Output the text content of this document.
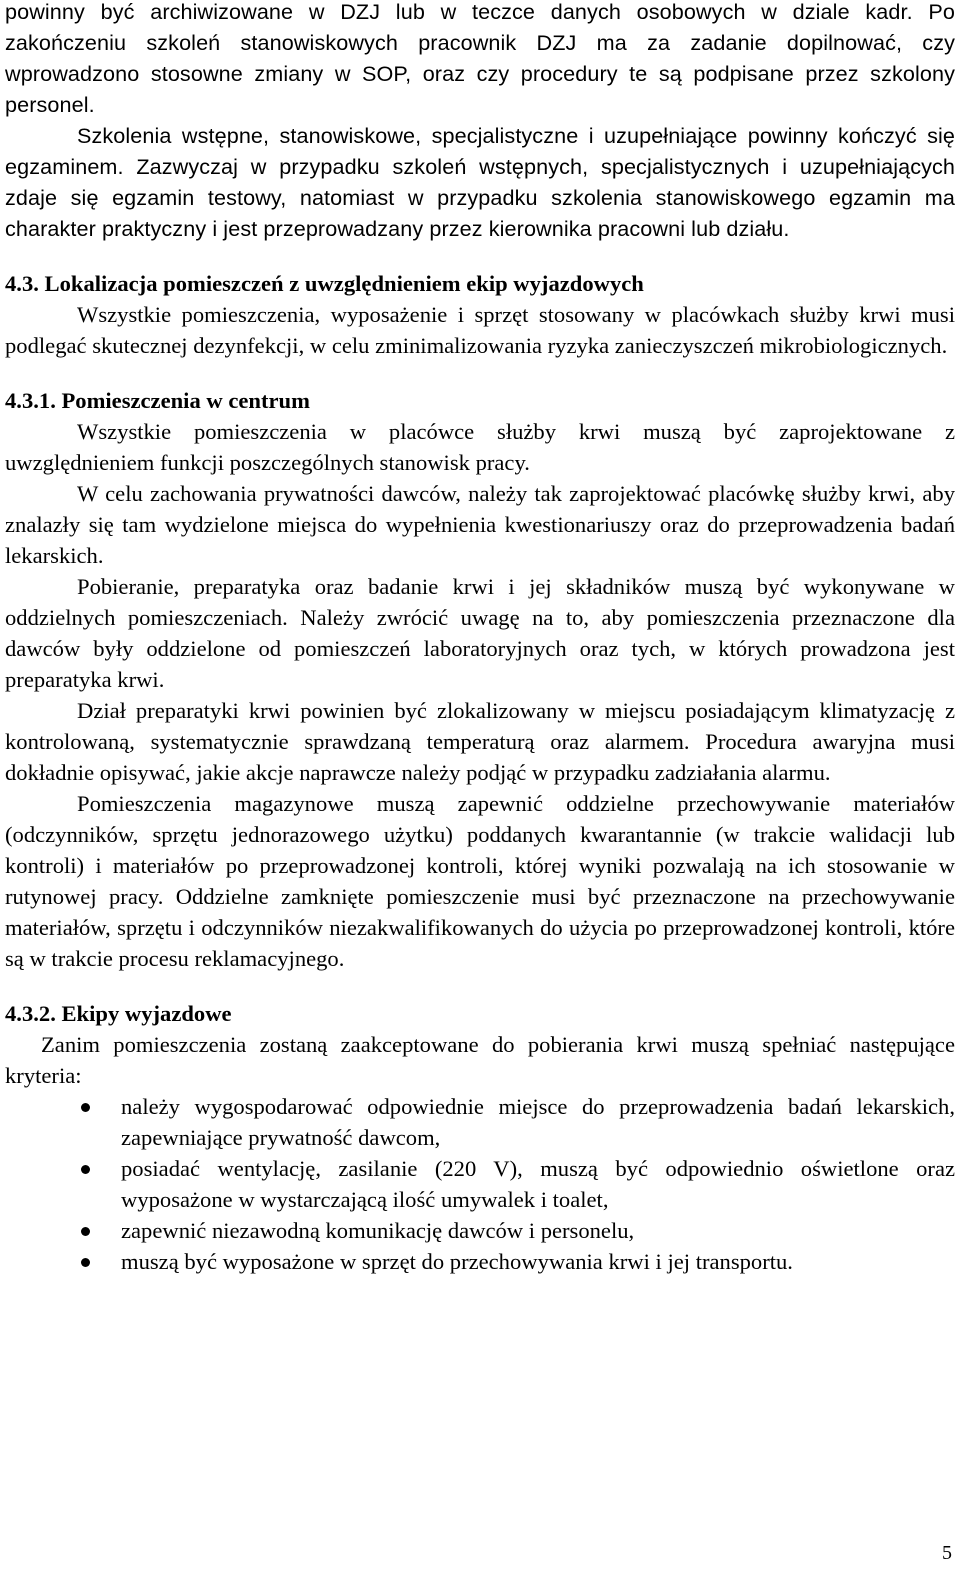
powinny być archiwizowane w DZJ lub w teczce danych osobowych w dziale kadr. Po zakończeniu szkoleń stanowiskowych pracownik DZJ ma za zadanie dopilnować, czy wprowadzono stosowne zmiany w SOP, oraz czy procedury te są podpisane przez szkolony personel.

Szkolenia wstępne, stanowiskowe, specjalistyczne i uzupełniające powinny kończyć się egzaminem. Zazwyczaj w przypadku szkoleń wstępnych, specjalistycznych i uzupełniających zdaje się egzamin testowy, natomiast w przypadku szkolenia stanowiskowego egzamin ma charakter praktyczny i jest przeprowadzany przez kierownika pracowni lub działu.

4.3. Lokalizacja pomieszczeń z uwzględnieniem ekip wyjazdowych

Wszystkie pomieszczenia, wyposażenie i sprzęt stosowany w placówkach służby krwi musi podlegać skutecznej dezynfekcji, w celu zminimalizowania ryzyka zanieczyszczeń mikrobiologicznych.

4.3.1. Pomieszczenia w centrum

Wszystkie pomieszczenia w placówce służby krwi muszą być zaprojektowane z uwzględnieniem funkcji poszczególnych stanowisk pracy.

W celu zachowania prywatności dawców, należy tak zaprojektować placówkę służby krwi, aby znalazły się tam wydzielone miejsca do wypełnienia kwestionariuszy oraz do przeprowadzenia badań lekarskich.

Pobieranie, preparatyka oraz badanie krwi i jej składników muszą być wykonywane w oddzielnych pomieszczeniach. Należy zwrócić uwagę na to, aby pomieszczenia przeznaczone dla dawców były oddzielone od pomieszczeń laboratoryjnych oraz tych, w których prowadzona jest preparatyka krwi.

Dział preparatyki krwi powinien być zlokalizowany w miejscu posiadającym klimatyzację z kontrolowaną, systematycznie sprawdzaną temperaturą oraz alarmem. Procedura awaryjna musi dokładnie opisywać, jakie akcje naprawcze należy podjąć w przypadku zadziałania alarmu.

Pomieszczenia magazynowe muszą zapewnić oddzielne przechowywanie materiałów (odczynników, sprzętu jednorazowego użytku) poddanych kwarantannie (w trakcie walidacji lub kontroli) i materiałów po przeprowadzonej kontroli, której wyniki pozwalają na ich stosowanie w rutynowej pracy. Oddzielne zamknięte pomieszczenie musi być przeznaczone na przechowywanie materiałów, sprzętu i odczynników niezakwalifikowanych do użycia po przeprowadzonej kontroli, które są w trakcie procesu reklamacyjnego.

4.3.2. Ekipy wyjazdowe

Zanim pomieszczenia zostaną zaakceptowane do pobierania krwi muszą spełniać następujące kryteria:

należy wygospodarować odpowiednie miejsce do przeprowadzenia badań lekarskich, zapewniające prywatność dawcom,
posiadać wentylację, zasilanie (220 V), muszą być odpowiednio oświetlone oraz wyposażone w wystarczającą ilość umywalek i toalet,
zapewnić niezawodną komunikację dawców i personelu,
muszą być wyposażone w sprzęt do przechowywania krwi i jej transportu.
5
